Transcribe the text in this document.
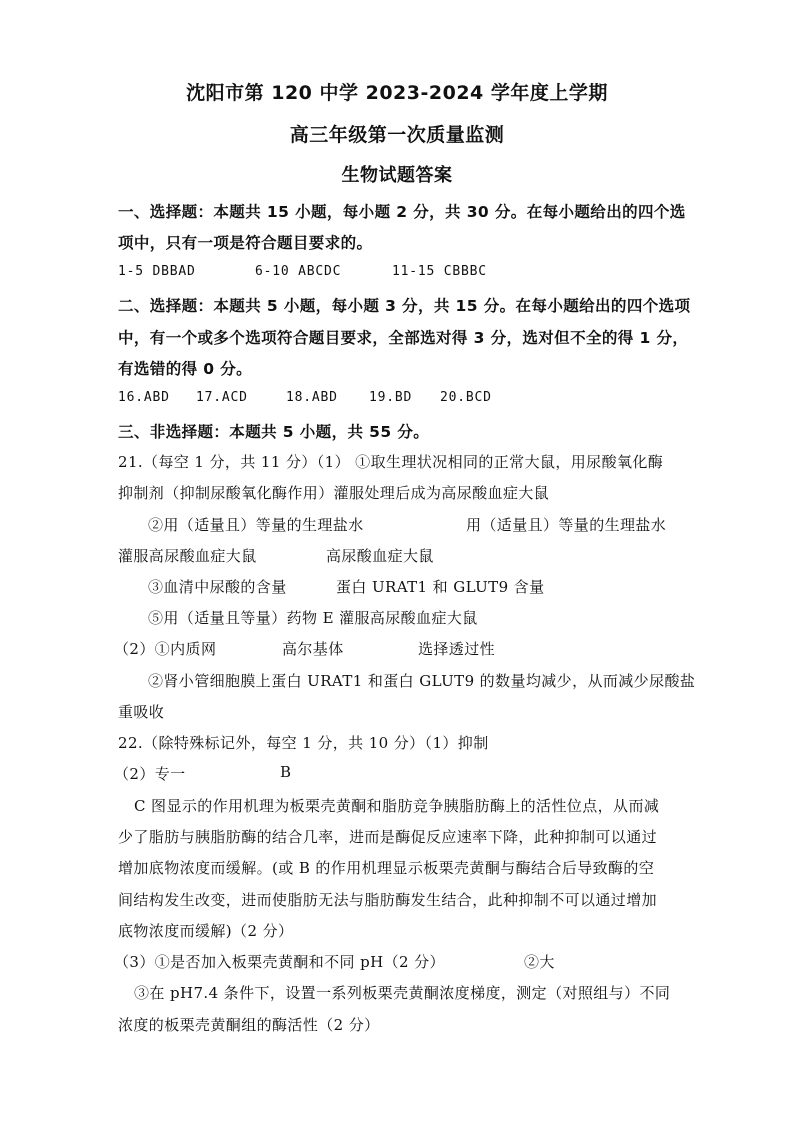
沈阳市第 120 中学 2023-2024 学年度上学期
高三年级第一次质量监测
生物试题答案
一、选择题：本题共 15 小题，每小题 2 分，共 30 分。在每小题给出的四个选
项中，只有一项是符合题目要求的。
1-5 DBBAD	6-10 ABCDC	11-15 CBBBC
二、选择题：本题共 5 小题，每小题 3 分，共 15 分。在每小题给出的四个选项
中，有一个或多个选项符合题目要求，全部选对得 3 分，选对但不全的得 1 分，
有选错的得 0 分。
16.ABD 17.ACD	18.ABD 19.BD 20.BCD
三、非选择题：本题共 5 小题，共 55 分。
21.（每空 1 分，共 11 分）（1） ①取生理状况相同的正常大鼠，用尿酸氧化酶
抑制剂（抑制尿酸氧化酶作用）灌服处理后成为高尿酸血症大鼠
②用（适量且）等量的生理盐水	用（适量且）等量的生理盐水
灌服高尿酸血症大鼠	高尿酸血症大鼠
③血清中尿酸的含量	蛋白 URAT1 和 GLUT9 含量
⑤用（适量且等量）药物 E 灌服高尿酸血症大鼠
（2）①内质网	高尔基体	选择透过性
②肾小管细胞膜上蛋白 URAT1 和蛋白 GLUT9 的数量均减少，从而减少尿酸盐
重吸收
22.（除特殊标记外，每空 1 分，共 10 分）（1）抑制
（2）专一	B
C 图显示的作用机理为板栗壳黄酮和脂肪竞争胰脂肪酶上的活性位点，从而减
少了脂肪与胰脂肪酶的结合几率，进而是酶促反应速率下降，此种抑制可以通过
增加底物浓度而缓解。(或 B 的作用机理显示板栗壳黄酮与酶结合后导致酶的空
间结构发生改变，进而使脂肪无法与脂肪酶发生结合，此种抑制不可以通过增加
底物浓度而缓解)（2 分）
（3）①是否加入板栗壳黄酮和不同 pH（2 分）	②大
③在 pH7.4 条件下，设置一系列板栗壳黄酮浓度梯度，测定（对照组与）不同
浓度的板栗壳黄酮组的酶活性（2 分）
